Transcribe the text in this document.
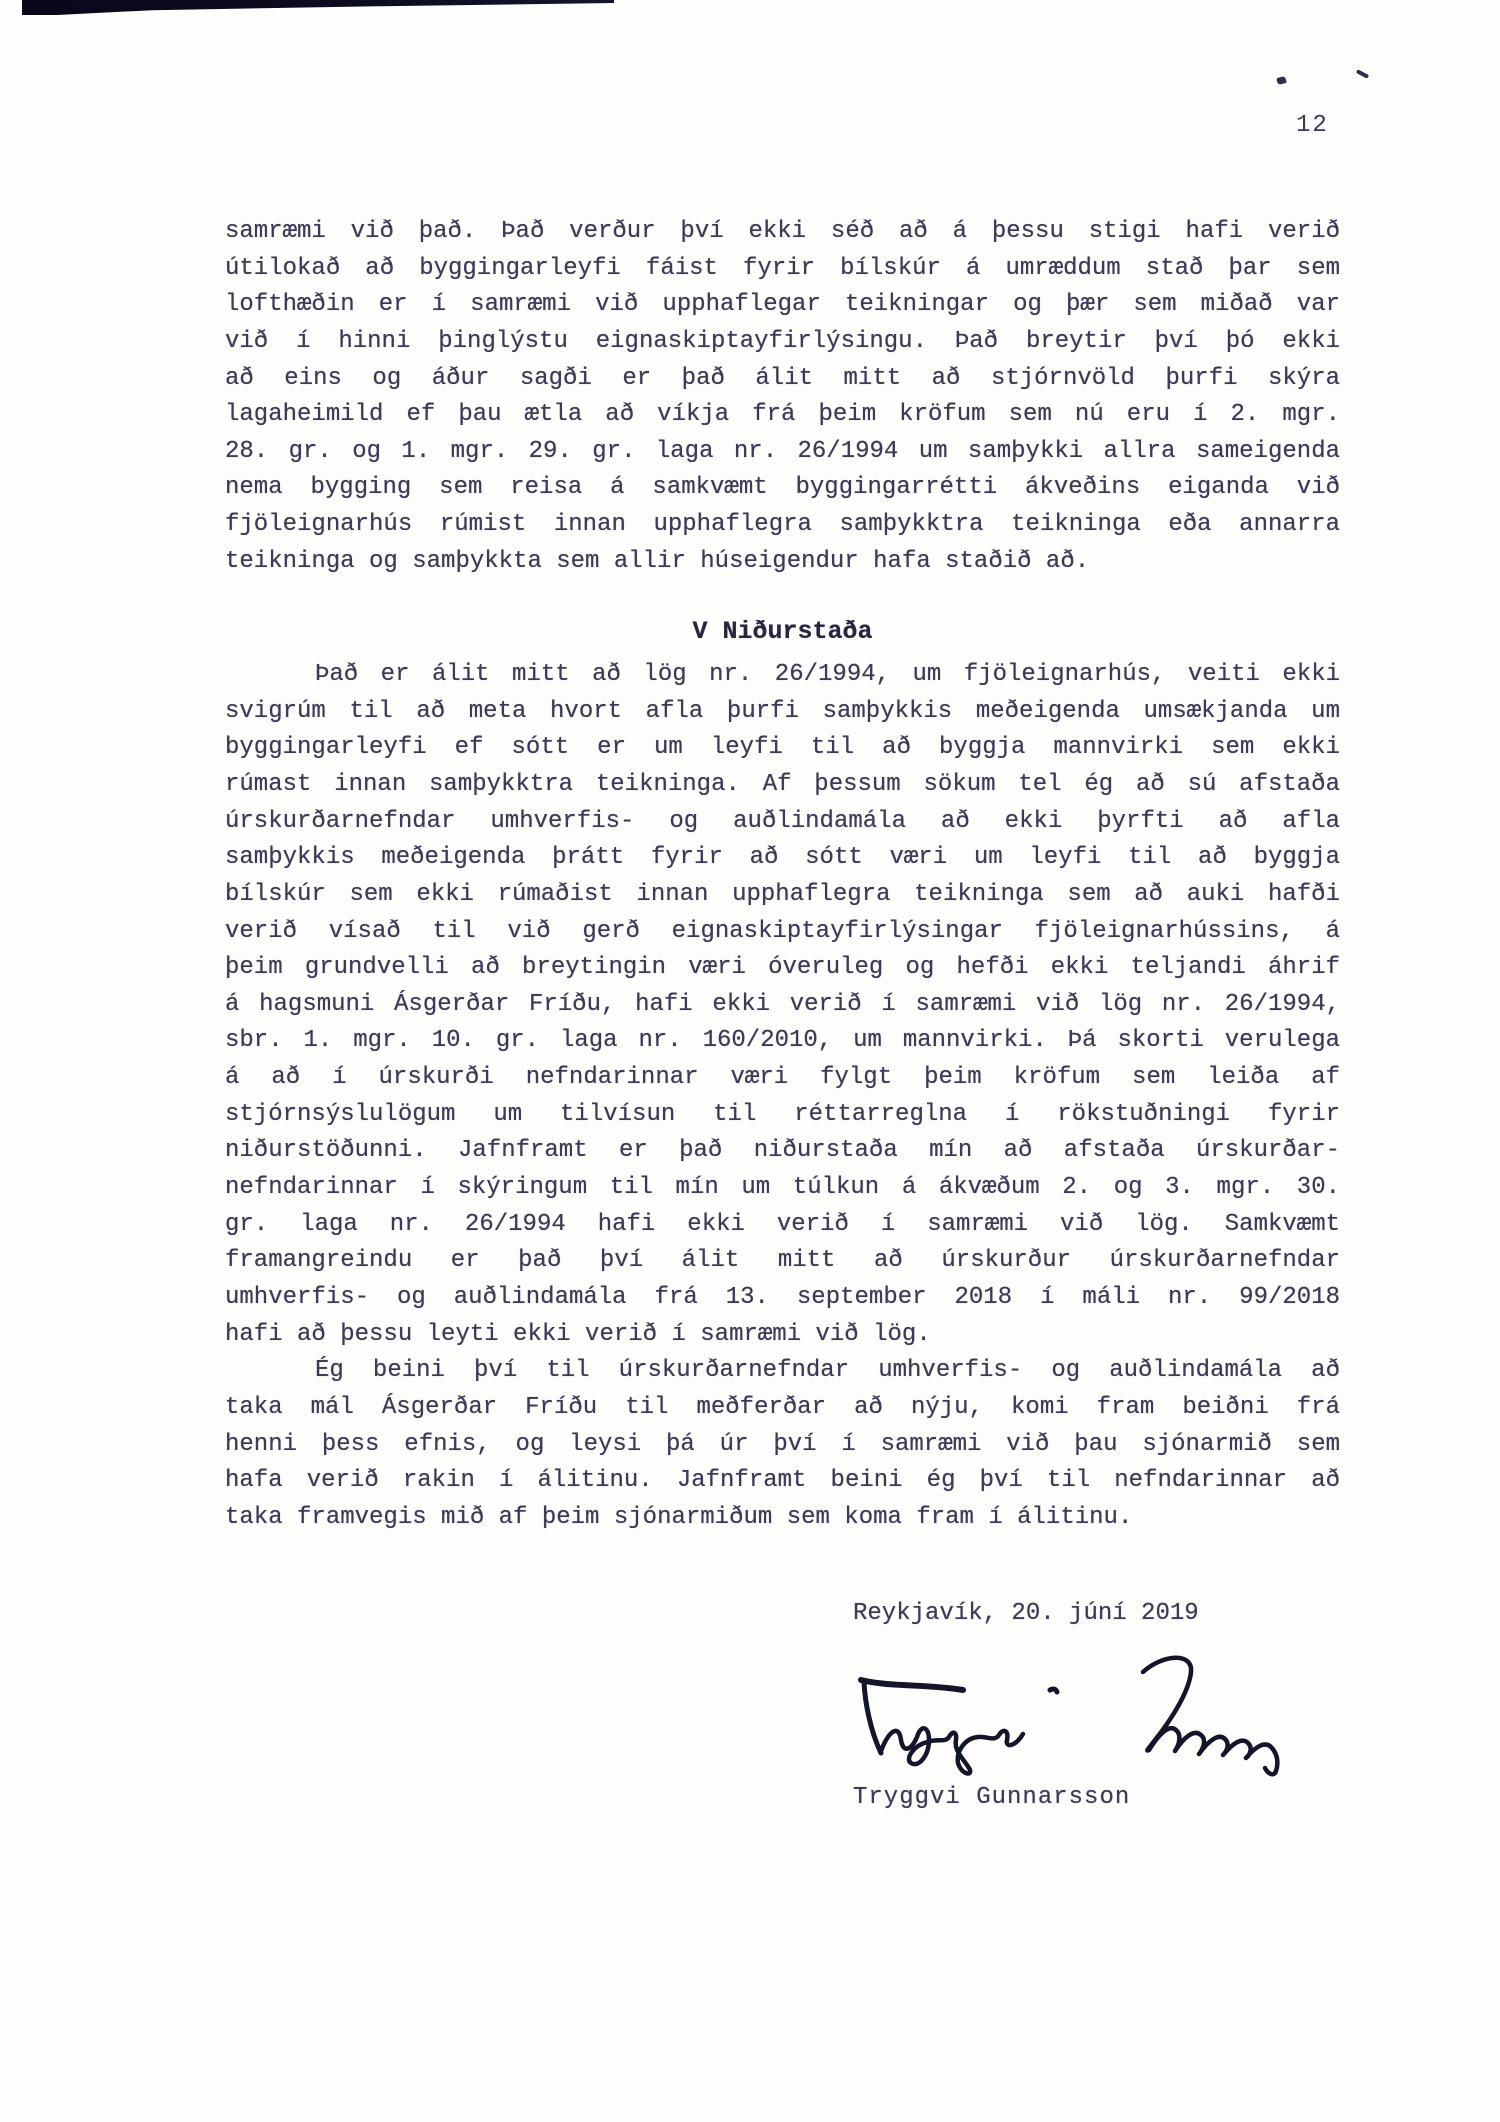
12
samræmi við það. Það verður því ekki séð að á þessu stigi hafi verið
útilokað að byggingarleyfi fáist fyrir bílskúr á umræddum stað þar sem
lofthæðin er í samræmi við upphaflegar teikningar og þær sem miðað var
við í hinni þinglýstu eignaskiptayfirlýsingu. Það breytir því þó ekki
að eins og áður sagði er það álit mitt að stjórnvöld þurfi skýra
lagaheimild ef þau ætla að víkja frá þeim kröfum sem nú eru í 2. mgr.
28. gr. og 1. mgr. 29. gr. laga nr. 26/1994 um samþykki allra sameigenda
nema bygging sem reisa á samkvæmt byggingarrétti ákveðins eiganda við
fjöleignarhús rúmist innan upphaflegra samþykktra teikninga eða annarra
teikninga og samþykkta sem allir húseigendur hafa staðið að.
V Niðurstaða
Það er álit mitt að lög nr. 26/1994, um fjöleignarhús, veiti ekki
svigrúm til að meta hvort afla þurfi samþykkis meðeigenda umsækjanda um
byggingarleyfi ef sótt er um leyfi til að byggja mannvirki sem ekki
rúmast innan samþykktra teikninga. Af þessum sökum tel ég að sú afstaða
úrskurðarnefndar umhverfis- og auðlindamála að ekki þyrfti að afla
samþykkis meðeigenda þrátt fyrir að sótt væri um leyfi til að byggja
bílskúr sem ekki rúmaðist innan upphaflegra teikninga sem að auki hafði
verið vísað til við gerð eignaskiptayfirlýsingar fjöleignarhússins, á
þeim grundvelli að breytingin væri óveruleg og hefði ekki teljandi áhrif
á hagsmuni Ásgerðar Fríðu, hafi ekki verið í samræmi við lög nr. 26/1994,
sbr. 1. mgr. 10. gr. laga nr. 160/2010, um mannvirki. Þá skorti verulega
á að í úrskurði nefndarinnar væri fylgt þeim kröfum sem leiða af
stjórnsýslulögum um tilvísun til réttarreglna í rökstuðningi fyrir
niðurstöðunni. Jafnframt er það niðurstaða mín að afstaða úrskurðar-
nefndarinnar í skýringum til mín um túlkun á ákvæðum 2. og 3. mgr. 30.
gr. laga nr. 26/1994 hafi ekki verið í samræmi við lög. Samkvæmt
framangreindu er það því álit mitt að úrskurður úrskurðarnefndar
umhverfis- og auðlindamála frá 13. september 2018 í máli nr. 99/2018
hafi að þessu leyti ekki verið í samræmi við lög.
Ég beini því til úrskurðarnefndar umhverfis- og auðlindamála að
taka mál Ásgerðar Fríðu til meðferðar að nýju, komi fram beiðni frá
henni þess efnis, og leysi þá úr því í samræmi við þau sjónarmið sem
hafa verið rakin í álitinu. Jafnframt beini ég því til nefndarinnar að
taka framvegis mið af þeim sjónarmiðum sem koma fram í álitinu.
Reykjavík, 20. júní 2019
Tryggvi Gunnarsson
